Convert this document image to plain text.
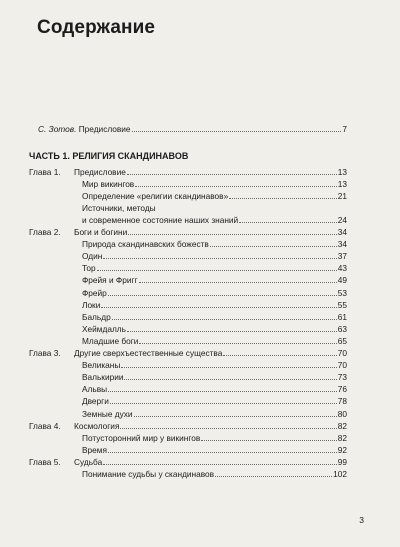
Содержание
С. Зотов. Предисловие	7
ЧАСТЬ 1. РЕЛИГИЯ СКАНДИНАВОВ
Глава 1. Предисловие	13
Мир викингов	13
Определение «религии скандинавов»	21
Источники, методы
и современное состояние наших знаний	24
Глава 2. Боги и богини	34
Природа скандинавских божеств	34
Один	37
Тор	43
Фрейя и Фригг	49
Фрейр	53
Локи	55
Бальдр	61
Хеймдалль	63
Младшие боги	65
Глава 3. Другие сверхъестественные существа	70
Великаны	70
Валькирии	73
Альвы	76
Дверги	78
Земные духи	80
Глава 4. Космология	82
Потусторонний мир у викингов	82
Время	92
Глава 5. Судьба	99
Понимание судьбы у скандинавов	102
3
